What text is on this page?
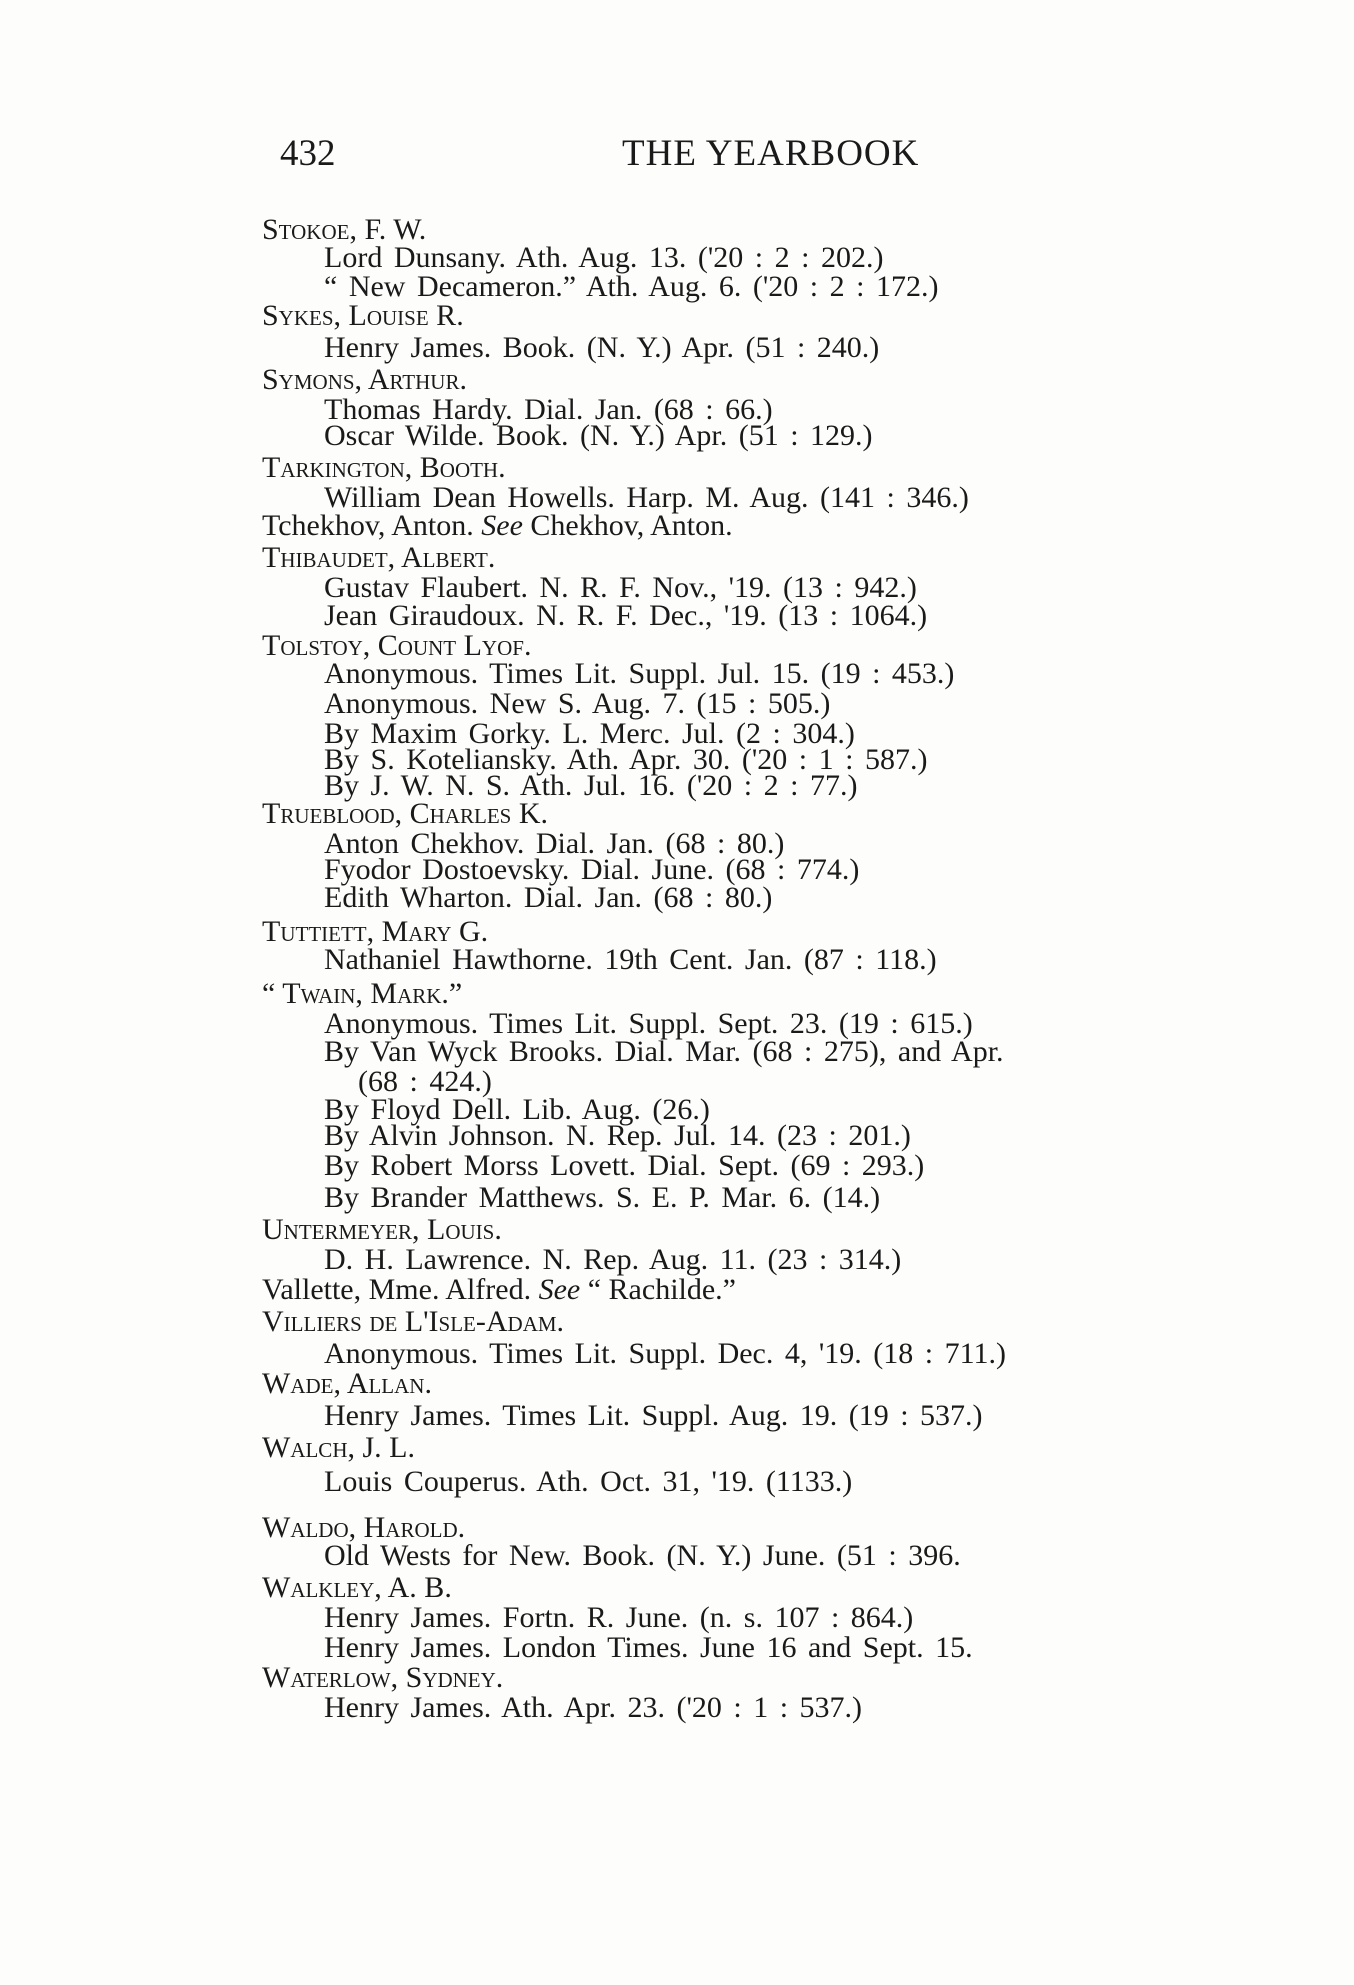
432	THE YEARBOOK
Stokoe, F. W.
Lord Dunsany. Ath. Aug. 13. ('20 : 2 : 202.)
“ New Decameron.” Ath. Aug. 6. ('20 : 2 : 172.)
Sykes, Louise R.
Henry James. Book. (N. Y.) Apr. (51 : 240.)
Symons, Arthur.
Thomas Hardy. Dial. Jan. (68 : 66.)
Oscar Wilde. Book. (N. Y.) Apr. (51 : 129.)
Tarkington, Booth.
William Dean Howells. Harp. M. Aug. (141 : 346.)
Tchekhov, Anton. See Chekhov, Anton.
Thibaudet, Albert.
Gustav Flaubert. N. R. F. Nov., '19. (13 : 942.)
Jean Giraudoux. N. R. F. Dec., '19. (13 : 1064.)
Tolstoy, Count Lyof.
Anonymous. Times Lit. Suppl. Jul. 15. (19 : 453.)
Anonymous. New S. Aug. 7. (15 : 505.)
By Maxim Gorky. L. Merc. Jul. (2 : 304.)
By S. Koteliansky. Ath. Apr. 30. ('20 : 1 : 587.)
By J. W. N. S. Ath. Jul. 16. ('20 : 2 : 77.)
Trueblood, Charles K.
Anton Chekhov. Dial. Jan. (68 : 80.)
Fyodor Dostoevsky. Dial. June. (68 : 774.)
Edith Wharton. Dial. Jan. (68 : 80.)
Tuttiett, Mary G.
Nathaniel Hawthorne. 19th Cent. Jan. (87 : 118.)
“ Twain, Mark.”
Anonymous. Times Lit. Suppl. Sept. 23. (19 : 615.)
By Van Wyck Brooks. Dial. Mar. (68 : 275), and Apr.
(68 : 424.)
By Floyd Dell. Lib. Aug. (26.)
By Alvin Johnson. N. Rep. Jul. 14. (23 : 201.)
By Robert Morss Lovett. Dial. Sept. (69 : 293.)
By Brander Matthews. S. E. P. Mar. 6. (14.)
Untermeyer, Louis.
D. H. Lawrence. N. Rep. Aug. 11. (23 : 314.)
Vallette, Mme. Alfred. See “ Rachilde.”
Villiers de L'Isle-Adam.
Anonymous. Times Lit. Suppl. Dec. 4, '19. (18 : 711.)
Wade, Allan.
Henry James. Times Lit. Suppl. Aug. 19. (19 : 537.)
Walch, J. L.
Louis Couperus. Ath. Oct. 31, '19. (1133.)
Waldo, Harold.
Old Wests for New. Book. (N. Y.) June. (51 : 396.
Walkley, A. B.
Henry James. Fortn. R. June. (n. s. 107 : 864.)
Henry James. London Times. June 16 and Sept. 15.
Waterlow, Sydney.
Henry James. Ath. Apr. 23. ('20 : 1 : 537.)
